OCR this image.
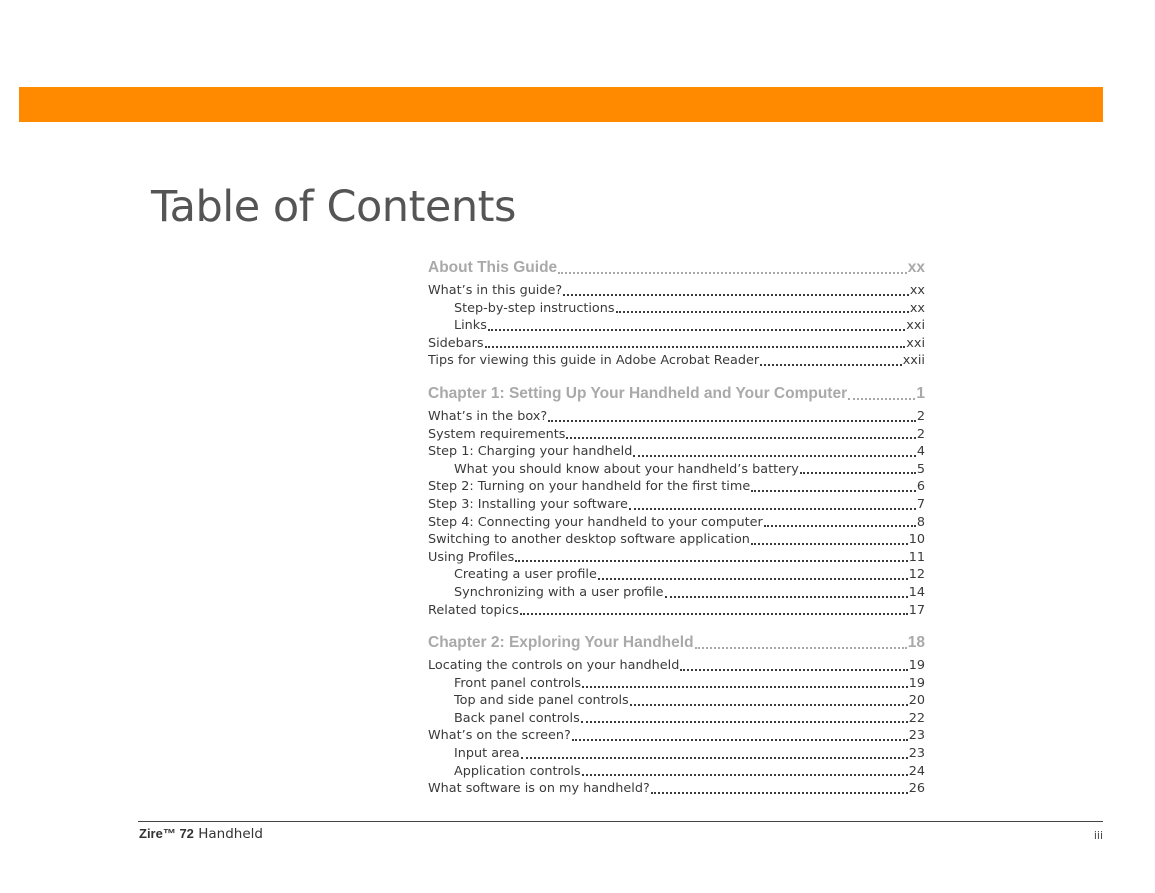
Table of Contents
About This Guide	xx
What’s in this guide?	xx
Step-by-step instructions	xx
Links	xxi
Sidebars	xxi
Tips for viewing this guide in Adobe Acrobat Reader	xxii
Chapter 1: Setting Up Your Handheld and Your Computer	1
What’s in the box?	2
System requirements	2
Step 1: Charging your handheld	4
What you should know about your handheld’s battery	5
Step 2: Turning on your handheld for the first time	6
Step 3: Installing your software	7
Step 4: Connecting your handheld to your computer	8
Switching to another desktop software application	10
Using Profiles	11
Creating a user profile	12
Synchronizing with a user profile	14
Related topics	17
Chapter 2: Exploring Your Handheld	18
Locating the controls on your handheld	19
Front panel controls	19
Top and side panel controls	20
Back panel controls	22
What’s on the screen?	23
Input area	23
Application controls	24
What software is on my handheld?	26
Zire™ 72 Handheld	iii
